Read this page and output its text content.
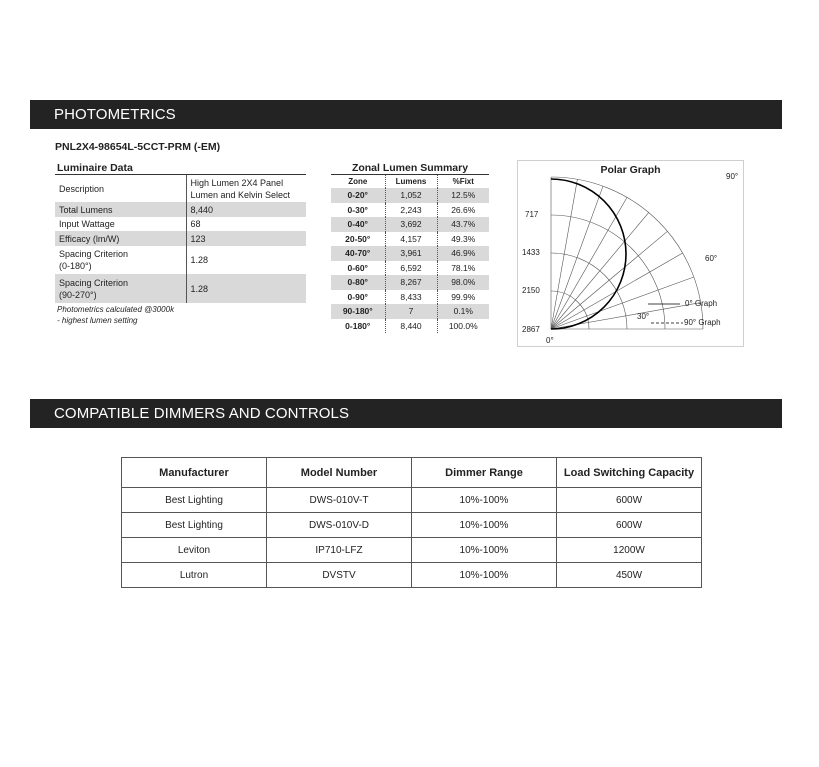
PHOTOMETRICS
PNL2X4-98654L-5CCT-PRM (-EM)
Luminaire Data
Description	High Lumen 2X4 Panel
Lumen and Kelvin Select

Total Lumens	8,440
Input Wattage	68
Efficacy (lm/W)	123

Spacing Criterion
(0-180°)	1.28

Spacing Criterion
(90-270°)	1.28
Photometrics calculated @3000k - highest lumen setting
Zonal Lumen Summary
Zone	Lumens	%Fixt
0-20°	1,052	12.5%
0-30°	2,243	26.6%
0-40°	3,692	43.7%
20-50°	4,157	49.3%
40-70°	3,961	46.9%
0-60°	6,592	78.1%
0-80°	8,267	98.0%
0-90°	8,433	99.9%
90-180°	7	0.1%
0-180°	8,440	100.0%
Polar Graph
717
1433
2150
2867
0°
30°
60°
90°
0° Graph
90° Graph
COMPATIBLE DIMMERS AND CONTROLS
Manufacturer	Model Number	Dimmer Range	Load Switching Capacity
Best Lighting	DWS-010V-T	10%-100%	600W
Best Lighting	DWS-010V-D	10%-100%	600W
Leviton	IP710-LFZ	10%-100%	1200W
Lutron	DVSTV	10%-100%	450W
